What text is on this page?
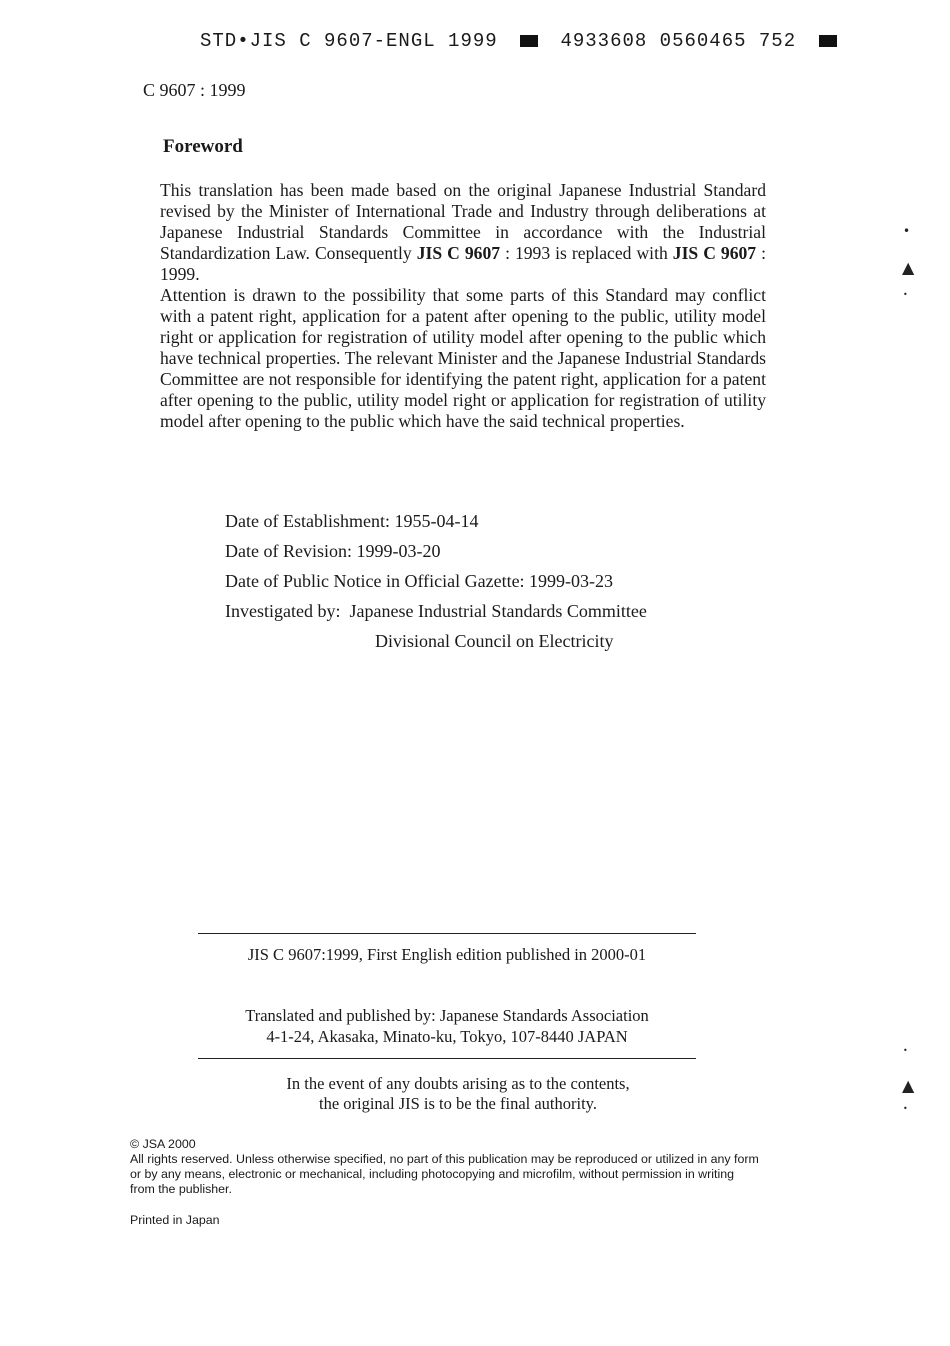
STD•JIS C 9607-ENGL 1999	4933608 0560465 752
C 9607 : 1999
Foreword

This translation has been made based on the original Japanese Industrial Standard revised by the Minister of International Trade and Industry through deliberations at Japanese Industrial Standards Committee in accordance with the Industrial Standardization Law. Consequently JIS C 9607 : 1993 is replaced with JIS C 9607 : 1999.

Attention is drawn to the possibility that some parts of this Standard may conflict with a patent right, application for a patent after opening to the public, utility model right or application for registration of utility model after opening to the public which have technical properties. The relevant Minister and the Japanese Industrial Standards Committee are not responsible for identifying the patent right, application for a patent after opening to the public, utility model right or application for registration of utility model after opening to the public which have the said technical properties.

Date of Establishment: 1955-04-14
Date of Revision: 1999-03-20
Date of Public Notice in Official Gazette: 1999-03-23
Investigated by: Japanese Industrial Standards Committee
Divisional Council on Electricity
JIS C 9607:1999, First English edition published in 2000-01
Translated and published by: Japanese Standards Association
4-1-24, Akasaka, Minato-ku, Tokyo, 107-8440 JAPAN
In the event of any doubts arising as to the contents,
the original JIS is to be the final authority.

© JSA 2000

All rights reserved. Unless otherwise specified, no part of this publication may be reproduced or utilized in any form or by any means, electronic or mechanical, including photocopying and microfilm, without permission in writing from the publisher.

Printed in Japan
•
▲
•
•
▲
•
